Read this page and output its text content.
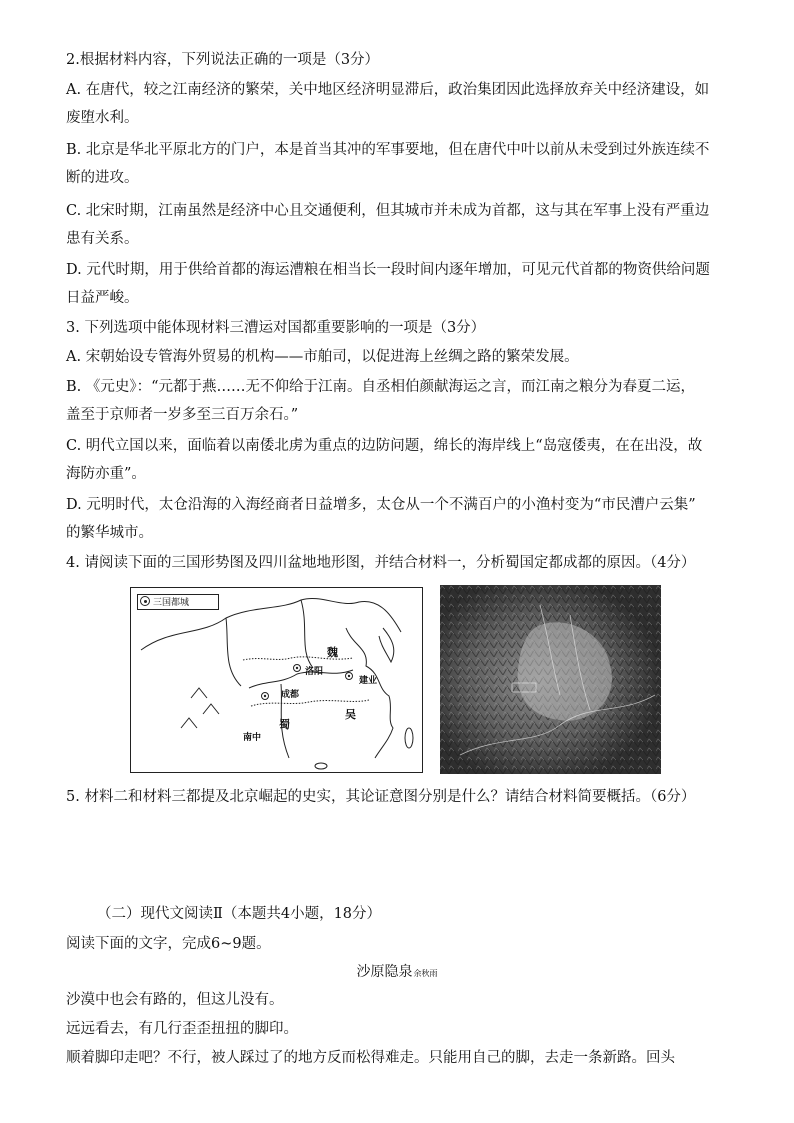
2.根据材料内容，下列说法正确的一项是（3分）
A. 在唐代，较之江南经济的繁荣，关中地区经济明显滞后，政治集团因此选择放弃关中经济建设，如
废堕水利。
B. 北京是华北平原北方的门户，本是首当其冲的军事要地，但在唐代中叶以前从未受到过外族连续不
断的进攻。
C. 北宋时期，江南虽然是经济中心且交通便利，但其城市并未成为首都，这与其在军事上没有严重边
患有关系。
D. 元代时期，用于供给首都的海运漕粮在相当长一段时间内逐年增加，可见元代首都的物资供给问题
日益严峻。
3. 下列选项中能体现材料三漕运对国都重要影响的一项是（3分）
A. 宋朝始设专管海外贸易的机构——市舶司，以促进海上丝绸之路的繁荣发展。
B. 《元史》：“元都于燕……无不仰给于江南。自丞相伯颜献海运之言，而江南之粮分为春夏二运，
盖至于京师者一岁多至三百万余石。”
C. 明代立国以来，面临着以南倭北虏为重点的边防问题，绵长的海岸线上“岛寇倭夷，在在出没，故
海防亦重”。
D. 元明时代，太仓沿海的入海经商者日益增多，太仓从一个不满百户的小渔村变为“市民漕户云集”
的繁华城市。
4. 请阅读下面的三国形势图及四川盆地地形图，并结合材料一，分析蜀国定都成都的原因。（4分）
三国都城
魏
洛阳
成都
蜀
建业
吴
南中
5. 材料二和材料三都提及北京崛起的史实，其论证意图分别是什么？请结合材料简要概括。（6分）
（二）现代文阅读Ⅱ（本题共4小题，18分）
阅读下面的文字，完成6~9题。
沙原隐泉余秋雨
沙漠中也会有路的，但这儿没有。
远远看去，有几行歪歪扭扭的脚印。
顺着脚印走吧？不行，被人踩过了的地方反而松得难走。只能用自己的脚，去走一条新路。回头
